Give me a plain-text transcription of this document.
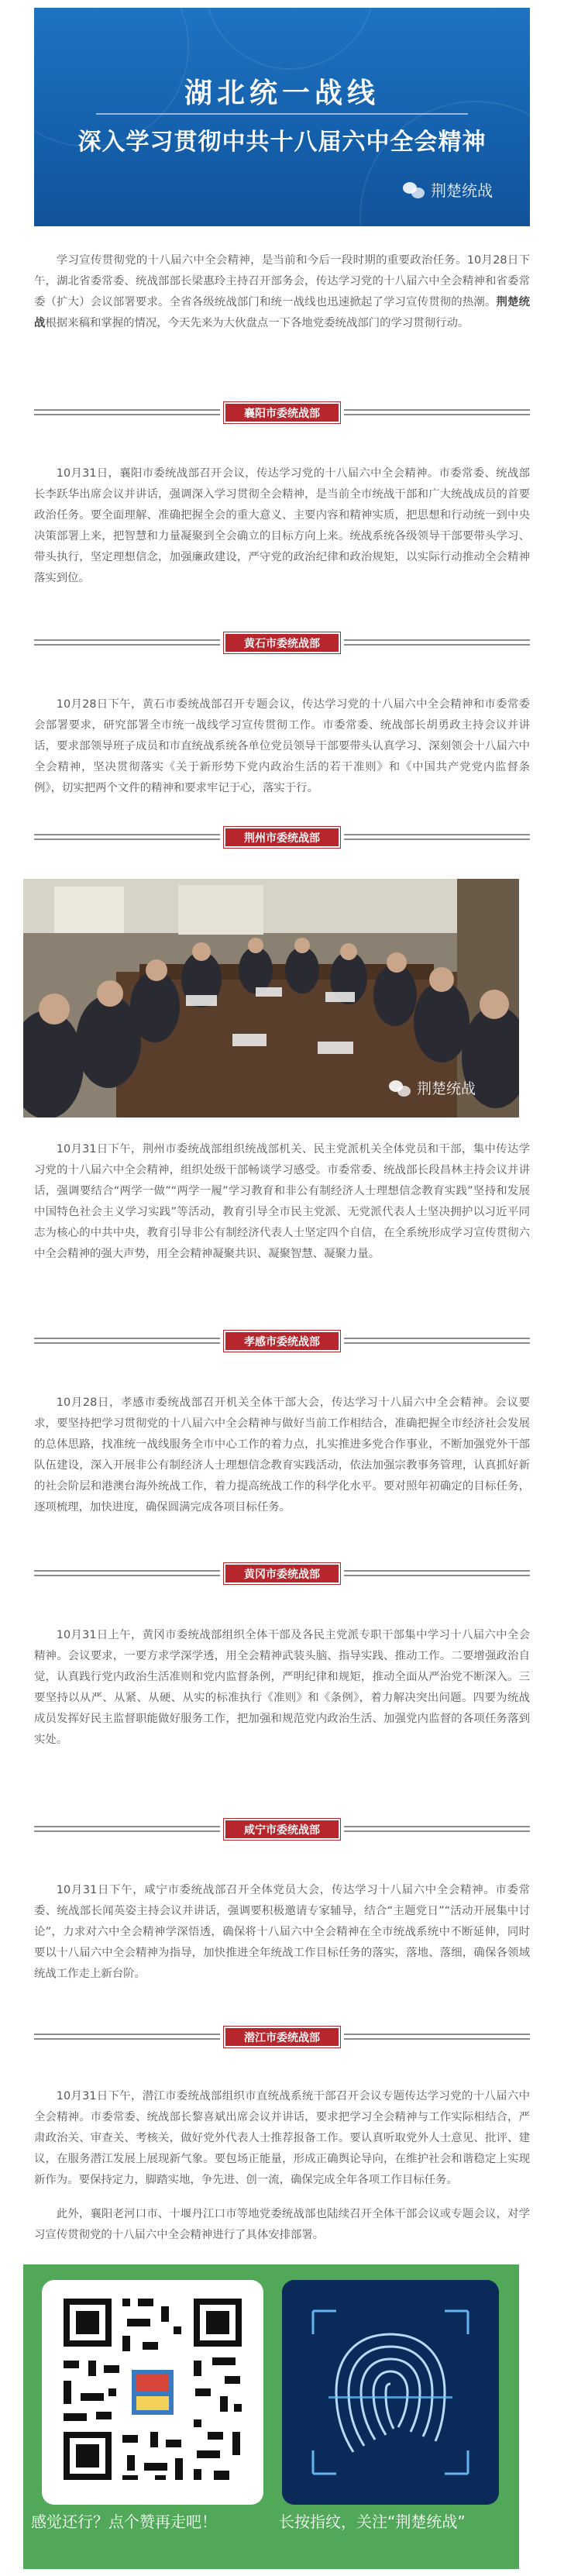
湖北统一战线
深入学习贯彻中共十八届六中全会精神
荆楚统战
学习宣传贯彻党的十八届六中全会精神，是当前和今后一段时期的重要政治任务。10月28日下午，湖北省委常委、统战部部长梁惠玲主持召开部务会，传达学习党的十八届六中全会精神和省委常委（扩大）会议部署要求。全省各级统战部门和统一战线也迅速掀起了学习宣传贯彻的热潮。荆楚统战根据来稿和掌握的情况，今天先来为大伙盘点一下各地党委统战部门的学习贯彻行动。
襄阳市委统战部
10月31日，襄阳市委统战部召开会议，传达学习党的十八届六中全会精神。市委常委、统战部长李跃华出席会议并讲话，强调深入学习贯彻全会精神，是当前全市统战干部和广大统战成员的首要政治任务。要全面理解、准确把握全会的重大意义、主要内容和精神实质，把思想和行动统一到中央决策部署上来，把智慧和力量凝聚到全会确立的目标方向上来。统战系统各级领导干部要带头学习、带头执行，坚定理想信念，加强廉政建设，严守党的政治纪律和政治规矩，以实际行动推动全会精神落实到位。
黄石市委统战部
10月28日下午，黄石市委统战部召开专题会议，传达学习党的十八届六中全会精神和市委常委会部署要求，研究部署全市统一战线学习宣传贯彻工作。市委常委、统战部长胡勇政主持会议并讲话，要求部领导班子成员和市直统战系统各单位党员领导干部要带头认真学习、深刻领会十八届六中全会精神，坚决贯彻落实《关于新形势下党内政治生活的若干准则》和《中国共产党党内监督条例》，切实把两个文件的精神和要求牢记于心，落实于行。
荆州市委统战部
荆楚统战
10月31日下午，荆州市委统战部组织统战部机关、民主党派机关全体党员和干部，集中传达学习党的十八届六中全会精神，组织处级干部畅谈学习感受。市委常委、统战部长段昌林主持会议并讲话，强调要结合“两学一做”“两学一履”学习教育和非公有制经济人士理想信念教育实践”坚持和发展中国特色社会主义学习实践”等活动，教育引导全市民主党派、无党派代表人士坚决拥护以习近平同志为核心的中共中央，教育引导非公有制经济代表人士坚定四个自信，在全系统形成学习宣传贯彻六中全会精神的强大声势，用全会精神凝聚共识、凝聚智慧、凝聚力量。
孝感市委统战部
10月28日，孝感市委统战部召开机关全体干部大会，传达学习十八届六中全会精神。会议要求，要坚持把学习贯彻党的十八届六中全会精神与做好当前工作相结合，准确把握全市经济社会发展的总体思路，找准统一战线服务全市中心工作的着力点，扎实推进多党合作事业，不断加强党外干部队伍建设，深入开展非公有制经济人士理想信念教育实践活动，依法加强宗教事务管理，认真抓好新的社会阶层和港澳台海外统战工作，着力提高统战工作的科学化水平。要对照年初确定的目标任务，逐项梳理，加快进度，确保圆满完成各项目标任务。
黄冈市委统战部
10月31日上午，黄冈市委统战部组织全体干部及各民主党派专职干部集中学习十八届六中全会精神。会议要求，一要方求学深学透，用全会精神武装头脑、指导实践、推动工作。二要增强政治自觉，认真践行党内政治生活准则和党内监督条例，严明纪律和规矩，推动全面从严治党不断深入。三要坚持以从严、从紧、从硬、从实的标准执行《准则》和《条例》，着力解决突出问题。四要为统战成员发挥好民主监督职能做好服务工作，把加强和规范党内政治生活、加强党内监督的各项任务落到实处。
咸宁市委统战部
10月31日下午，咸宁市委统战部召开全体党员大会，传达学习十八届六中全会精神。市委常委、统战部长闻英姿主持会议并讲话，强调要积极邀请专家辅导，结合“主题党日”“活动开展集中讨论”，力求对六中全会精神学深悟透，确保将十八届六中全会精神在全市统战系统中不断延伸，同时要以十八届六中全会精神为指导，加快推进全年统战工作目标任务的落实，落地、落细，确保各领域统战工作走上新台阶。
潜江市委统战部
10月31日下午，潜江市委统战部组织市直统战系统干部召开会议专题传达学习党的十八届六中全会精神。市委常委、统战部长黎喜斌出席会议并讲话，要求把学习全会精神与工作实际相结合，严肃政治关、审查关、考核关，做好党外代表人士推荐报备工作。要认真听取党外人士意见、批评、建议，在服务潜江发展上展现新气象。要包场正能量，形成正确舆论导向，在维护社会和谐稳定上实现新作为。要保持定力，脚踏实地，争先进、创一流，确保完成全年各项工作目标任务。
此外，襄阳老河口市、十堰丹江口市等地党委统战部也陆续召开全体干部会议或专题会议，对学习宣传贯彻党的十八届六中全会精神进行了具体安排部署。
感觉还行？点个赞再走吧！	长按指纹，关注“荆楚统战”
